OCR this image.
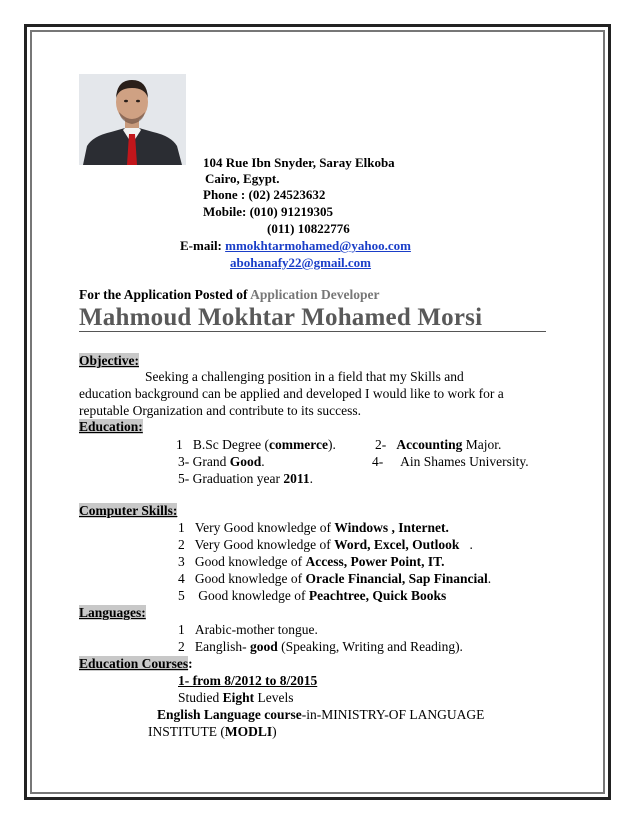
104 Rue Ibn Snyder, Saray Elkoba
Cairo, Egypt.
Phone : (02) 24523632
Mobile: (010) 91219305
(011) 10822776
E-mail: mmokhtarmohamed@yahoo.com
abohanafy22@gmail.com
For the Application Posted of Application Developer
Mahmoud Mokhtar Mohamed Morsi
Objective:
Seeking a challenging position in a field that my Skills and
education background can be applied and developed I would like to work for a
reputable Organization and contribute to its success.
Education:
1 B.Sc Degree (commerce).	2- Accounting Major.
3- Grand Good.	4- Ain Shames University.
5- Graduation year 2011.
Computer Skills:
1 Very Good knowledge of Windows , Internet.
2 Very Good knowledge of Word, Excel, Outlook   .
3 Good knowledge of Access, Power Point, IT.
4 Good knowledge of Oracle Financial, Sap Financial.
5    Good knowledge of Peachtree, Quick Books
Languages:
1 Arabic-mother tongue.
2 Eanglish- good (Speaking, Writing and Reading).
Education Courses:
1- from 8/2012 to 8/2015
Studied Eight Levels
English Language course-in-MINISTRY-OF LANGUAGE
INSTITUTE (MODLI)
